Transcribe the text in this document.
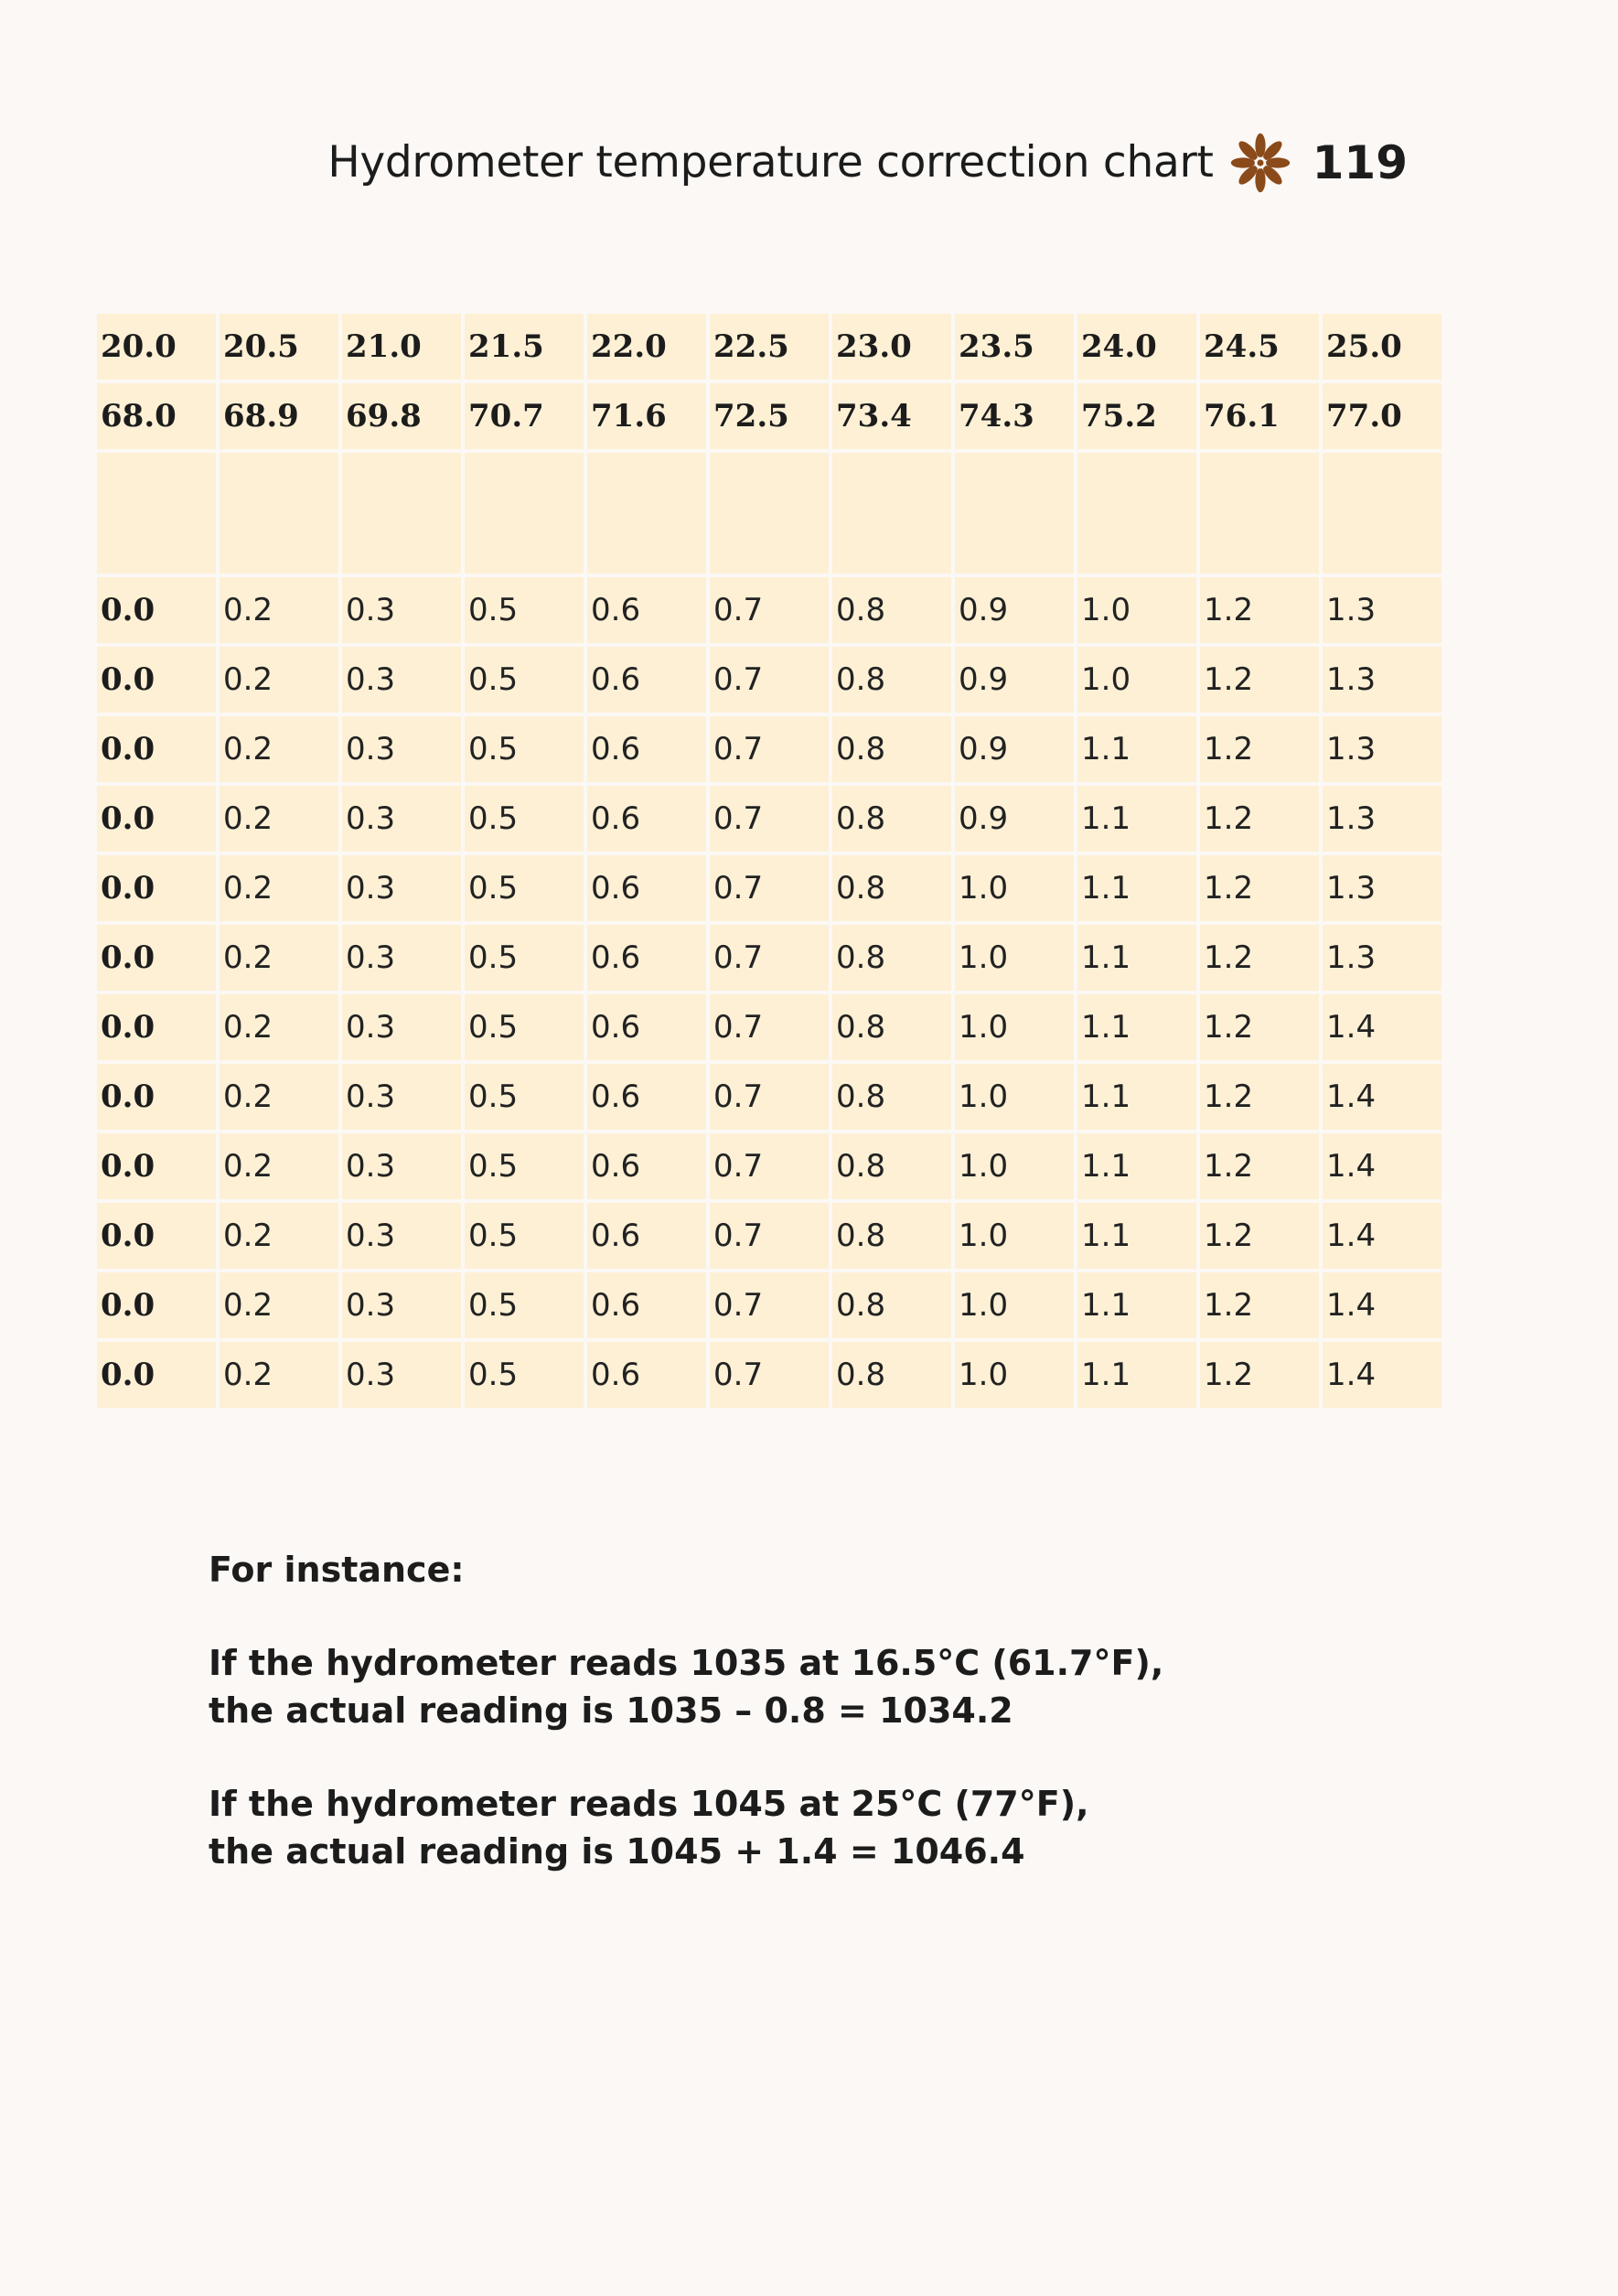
Hydrometer temperature correction chart 119
20.0	20.5	21.0	21.5	22.0	22.5	23.0	23.5	24.0	24.5	25.0
68.0	68.9	69.8	70.7	71.6	72.5	73.4	74.3	75.2	76.1	77.0

0.0	0.2	0.3	0.5	0.6	0.7	0.8	0.9	1.0	1.2	1.3
0.0	0.2	0.3	0.5	0.6	0.7	0.8	0.9	1.0	1.2	1.3
0.0	0.2	0.3	0.5	0.6	0.7	0.8	0.9	1.1	1.2	1.3
0.0	0.2	0.3	0.5	0.6	0.7	0.8	0.9	1.1	1.2	1.3
0.0	0.2	0.3	0.5	0.6	0.7	0.8	1.0	1.1	1.2	1.3
0.0	0.2	0.3	0.5	0.6	0.7	0.8	1.0	1.1	1.2	1.3
0.0	0.2	0.3	0.5	0.6	0.7	0.8	1.0	1.1	1.2	1.4
0.0	0.2	0.3	0.5	0.6	0.7	0.8	1.0	1.1	1.2	1.4
0.0	0.2	0.3	0.5	0.6	0.7	0.8	1.0	1.1	1.2	1.4
0.0	0.2	0.3	0.5	0.6	0.7	0.8	1.0	1.1	1.2	1.4
0.0	0.2	0.3	0.5	0.6	0.7	0.8	1.0	1.1	1.2	1.4
0.0	0.2	0.3	0.5	0.6	0.7	0.8	1.0	1.1	1.2	1.4

For instance:

If the hydrometer reads 1035 at 16.5°C (61.7°F),

the actual reading is 1035 – 0.8 = 1034.2

If the hydrometer reads 1045 at 25°C (77°F),

the actual reading is 1045 + 1.4 = 1046.4
